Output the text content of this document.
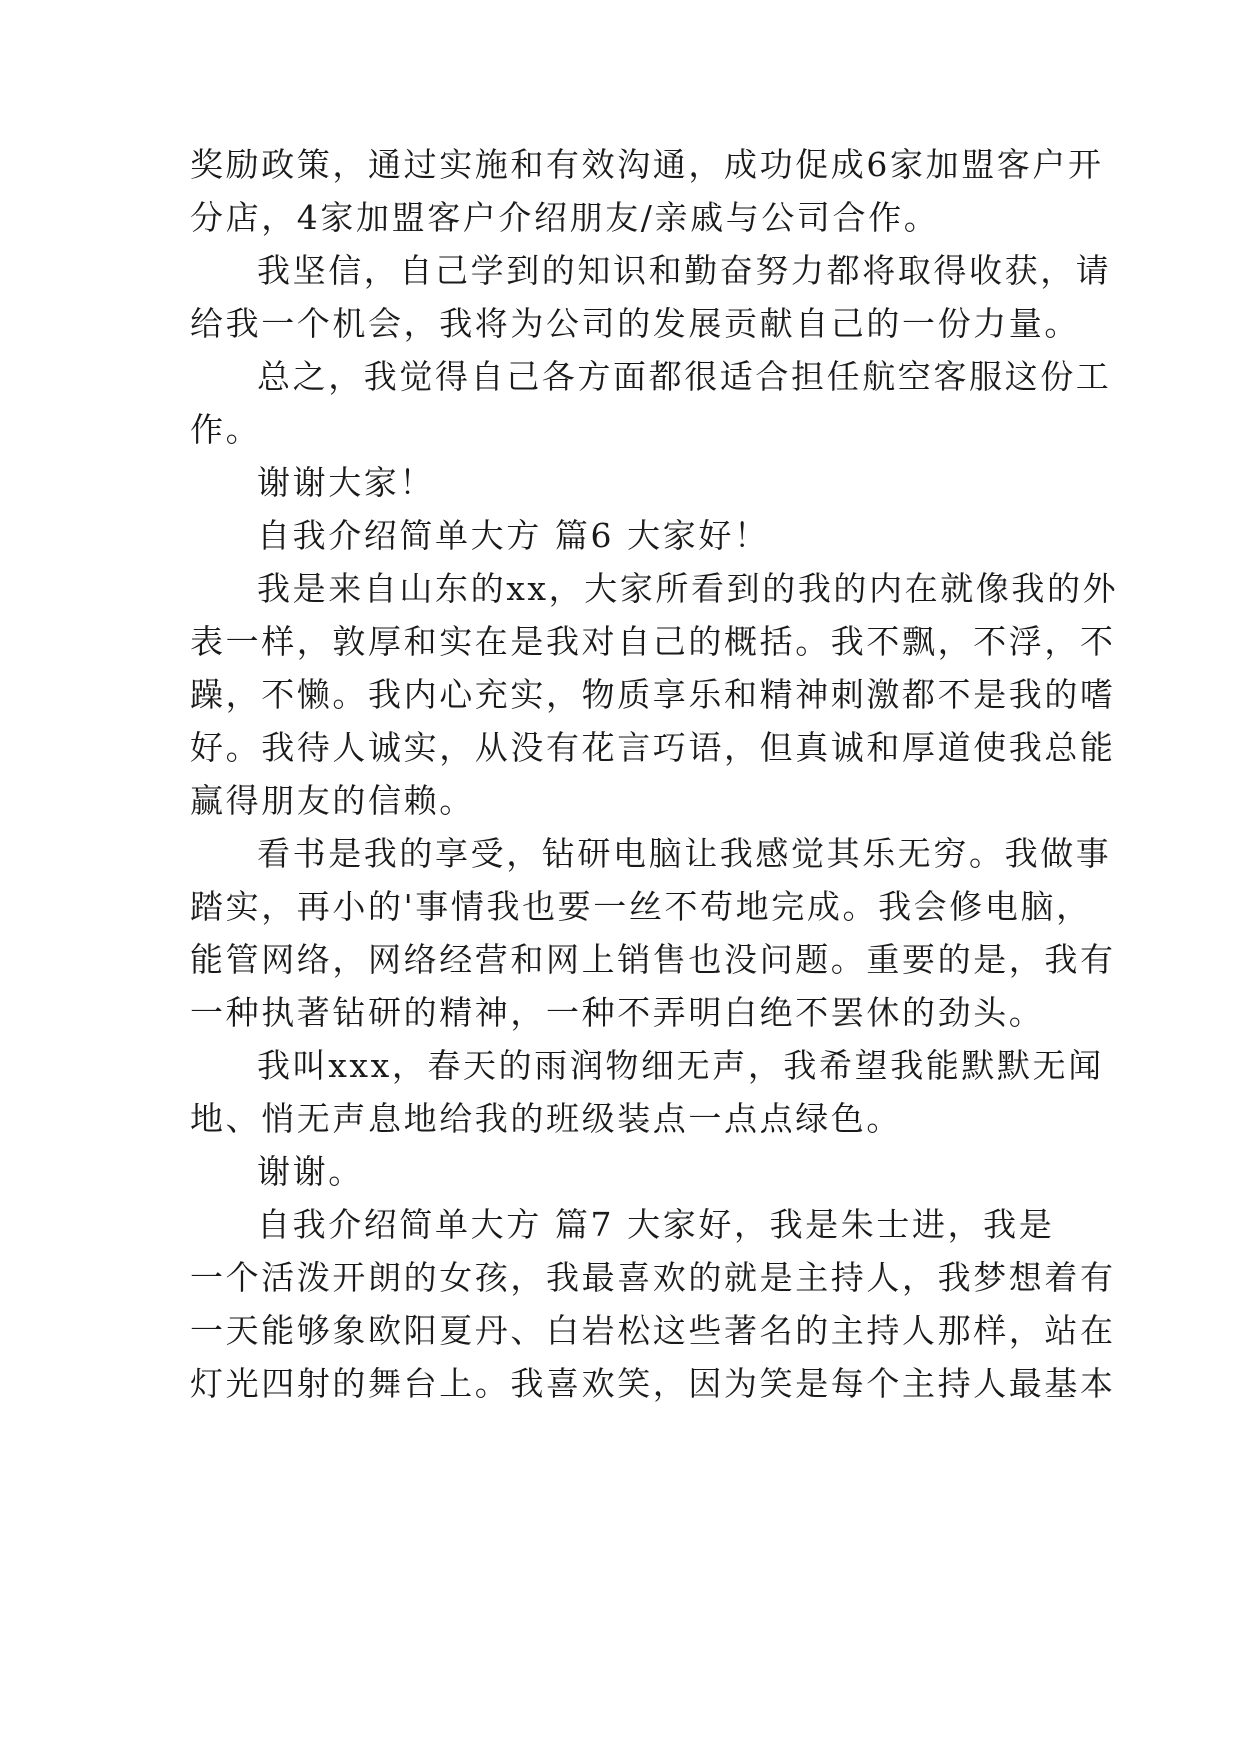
奖励政策，通过实施和有效沟通，成功促成6家加盟客户开
分店，4家加盟客户介绍朋友/亲戚与公司合作。
我坚信，自己学到的知识和勤奋努力都将取得收获，请
给我一个机会，我将为公司的发展贡献自己的一份力量。
总之，我觉得自己各方面都很适合担任航空客服这份工
作。
谢谢大家！
自我介绍简单大方 篇6 大家好！
我是来自山东的xx，大家所看到的我的内在就像我的外
表一样，敦厚和实在是我对自己的概括。我不飘，不浮，不
躁，不懒。我内心充实，物质享乐和精神刺激都不是我的嗜
好。我待人诚实，从没有花言巧语，但真诚和厚道使我总能
赢得朋友的信赖。
看书是我的享受，钻研电脑让我感觉其乐无穷。我做事
踏实，再小的'事情我也要一丝不苟地完成。我会修电脑，
能管网络，网络经营和网上销售也没问题。重要的是，我有
一种执著钻研的精神，一种不弄明白绝不罢休的劲头。
我叫xxx，春天的雨润物细无声，我希望我能默默无闻
地、悄无声息地给我的班级装点一点点绿色。
谢谢。
自我介绍简单大方 篇7 大家好，我是朱士进，我是
一个活泼开朗的女孩，我最喜欢的就是主持人，我梦想着有
一天能够象欧阳夏丹、白岩松这些著名的主持人那样，站在
灯光四射的舞台上。我喜欢笑，因为笑是每个主持人最基本
